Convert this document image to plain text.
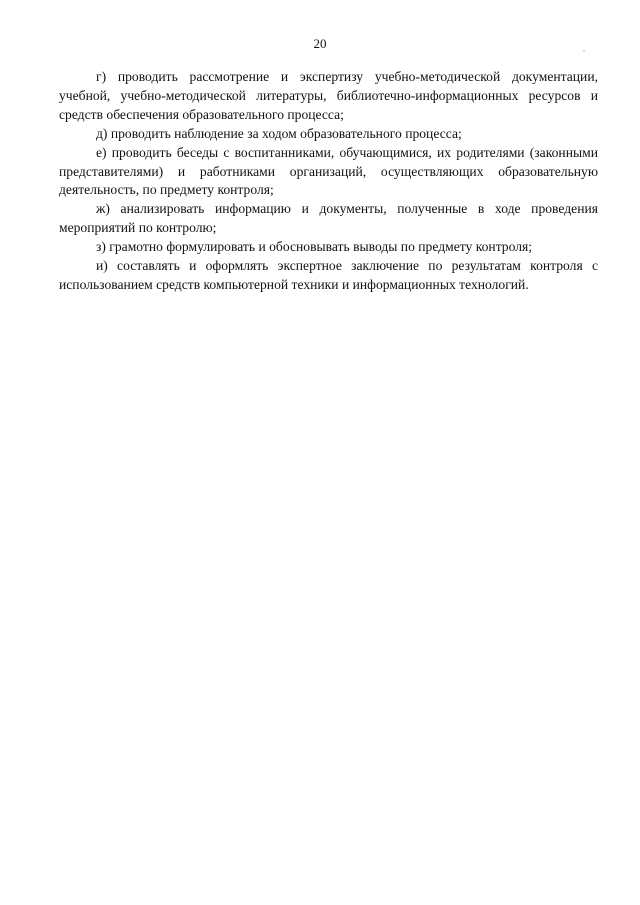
20

г) проводить рассмотрение и экспертизу учебно-методической документации, учебной, учебно-методической литературы, библиотечно-информационных ресурсов и средств обеспечения образовательного процесса;

д) проводить наблюдение за ходом образовательного процесса;

е) проводить беседы с воспитанниками, обучающимися, их родителями (законными представителями) и работниками организаций, осуществляющих образовательную деятельность, по предмету контроля;

ж) анализировать информацию и документы, полученные в ходе проведения мероприятий по контролю;

з) грамотно формулировать и обосновывать выводы по предмету контроля;

и) составлять и оформлять экспертное заключение по результатам контроля с использованием средств компьютерной техники и информационных технологий.
